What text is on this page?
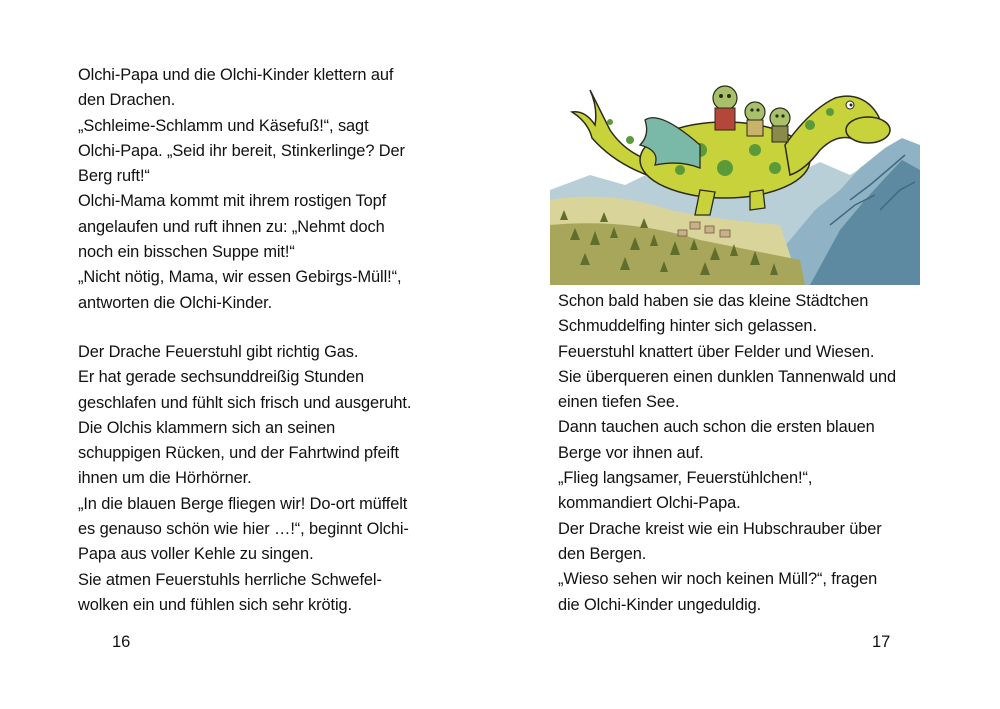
Olchi-Papa und die Olchi-Kinder klettern auf
den Drachen.
„Schleime-Schlamm und Käsefuß!“, sagt
Olchi-Papa. „Seid ihr bereit, Stinkerlinge? Der
Berg ruft!“
Olchi-Mama kommt mit ihrem rostigen Topf
angelaufen und ruft ihnen zu: „Nehmt doch
noch ein bisschen Suppe mit!“
„Nicht nötig, Mama, wir essen Gebirgs-Müll!“,
antworten die Olchi-Kinder.
Der Drache Feuerstuhl gibt richtig Gas.
Er hat gerade sechsunddreißig Stunden
geschlafen und fühlt sich frisch und ausgeruht.
Die Olchis klammern sich an seinen
schuppigen Rücken, und der Fahrtwind pfeift
ihnen um die Hörhörner.
„In die blauen Berge fliegen wir! Do-ort müffelt
es genauso schön wie hier …!“, beginnt Olchi-
Papa aus voller Kehle zu singen.
Sie atmen Feuerstuhls herrliche Schwefel-
wolken ein und fühlen sich sehr krötig.
16
Schon bald haben sie das kleine Städtchen
Schmuddelfing hinter sich gelassen.
Feuerstuhl knattert über Felder und Wiesen.
Sie überqueren einen dunklen Tannenwald und
einen tiefen See.
Dann tauchen auch schon die ersten blauen
Berge vor ihnen auf.
„Flieg langsamer, Feuerstühlchen!“,
kommandiert Olchi-Papa.
Der Drache kreist wie ein Hubschrauber über
den Bergen.
„Wieso sehen wir noch keinen Müll?“, fragen
die Olchi-Kinder ungeduldig.
17
